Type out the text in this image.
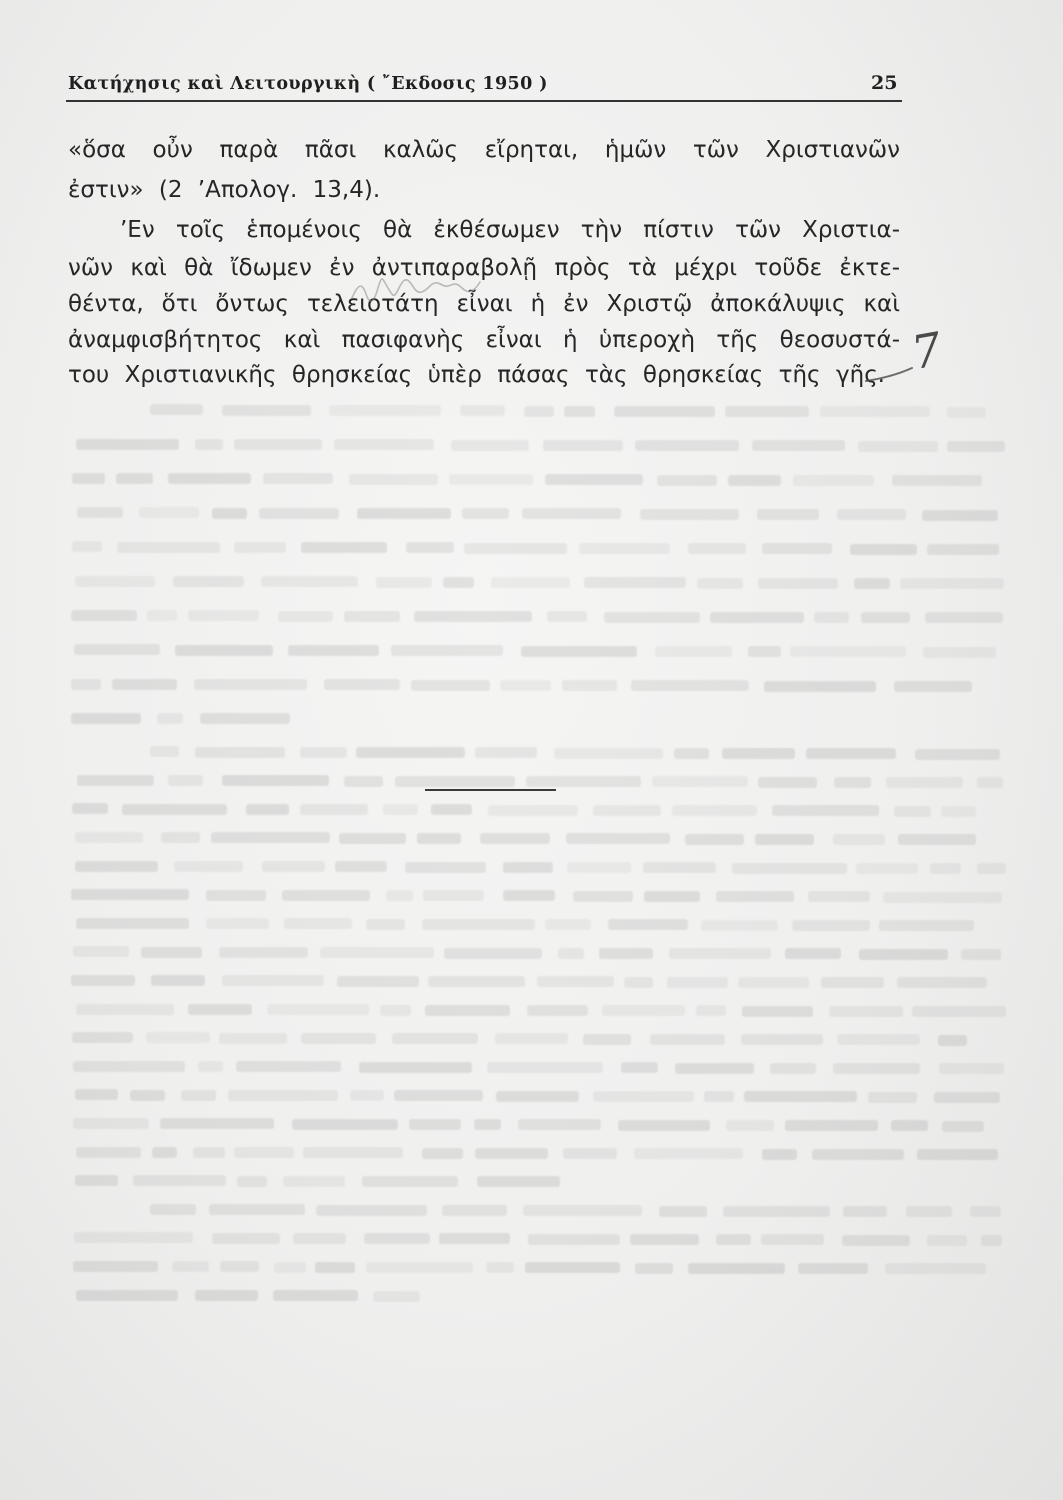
Κατήχησις καὶ Λειτουργικὴ ( ῎Εκδοσις 1950 )	25
«ὅσα οὖν παρὰ πᾶσι καλῶς εἴρηται, ἡμῶν τῶν Χριστιανῶν
ἐστιν» (2 ’Απολογ. 13,4).
’Εν τοῖς ἑπομένοις θὰ ἐκθέσωμεν τὴν πίστιν τῶν Χριστια-
νῶν καὶ θὰ ἴδωμεν ἐν ἀντιπαραβολῇ πρὸς τὰ μέχρι τοῦδε ἐκτε-
θέντα, ὅτι ὄντως τελειοτάτη εἶναι ἡ ἐν Χριστῷ ἀποκάλυψις καὶ
ἀναμφισβήτητος καὶ πασιφανὴς εἶναι ἡ ὑπεροχὴ τῆς θεοσυστά-
του Χριστιανικῆς θρησκείας ὑπὲρ πάσας τὰς θρησκείας τῆς γῆς. 7
